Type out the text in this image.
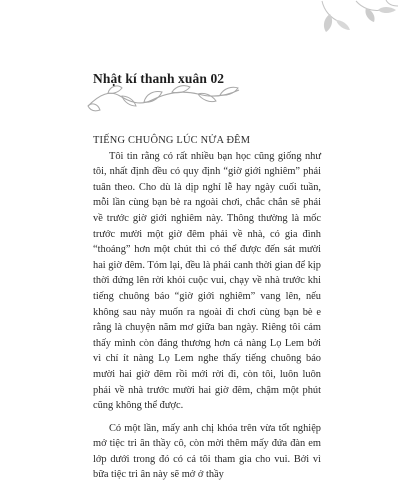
Nhật kí thanh xuân 02

TIẾNG CHUÔNG LÚC NỬA ĐÊM

Tôi tin rằng có rất nhiều bạn học cũng giống như tôi, nhất định đều có quy định “giờ giới nghiêm” phải tuân theo. Cho dù là dịp nghỉ lễ hay ngày cuối tuần, mỗi lần cùng bạn bè ra ngoài chơi, chắc chắn sẽ phải về trước giờ giới nghiêm này. Thông thường là mốc trước mười một giờ đêm phải về nhà, có gia đình “thoáng” hơn một chút thì có thể được đến sát mười hai giờ đêm. Tóm lại, đều là phải canh thời gian để kịp thời đứng lên rời khỏi cuộc vui, chạy về nhà trước khi tiếng chuông báo “giờ giới nghiêm” vang lên, nếu không sau này muốn ra ngoài đi chơi cùng bạn bè e rằng là chuyện năm mơ giữa ban ngày. Riêng tôi cảm thấy mình còn đáng thương hơn cả nàng Lọ Lem bởi vì chí ít nàng Lọ Lem nghe thấy tiếng chuông báo mười hai giờ đêm rồi mới rời đi, còn tôi, luôn luôn phải về nhà trước mười hai giờ đêm, chậm một phút cũng không thể được.

Có một lần, mấy anh chị khóa trên vừa tốt nghiệp mở tiệc tri ân thầy cô, còn mời thêm mấy đứa đàn em lớp dưới trong đó có cả tôi tham gia cho vui. Bởi vì bữa tiệc tri ân này sẽ mở ở thầy
